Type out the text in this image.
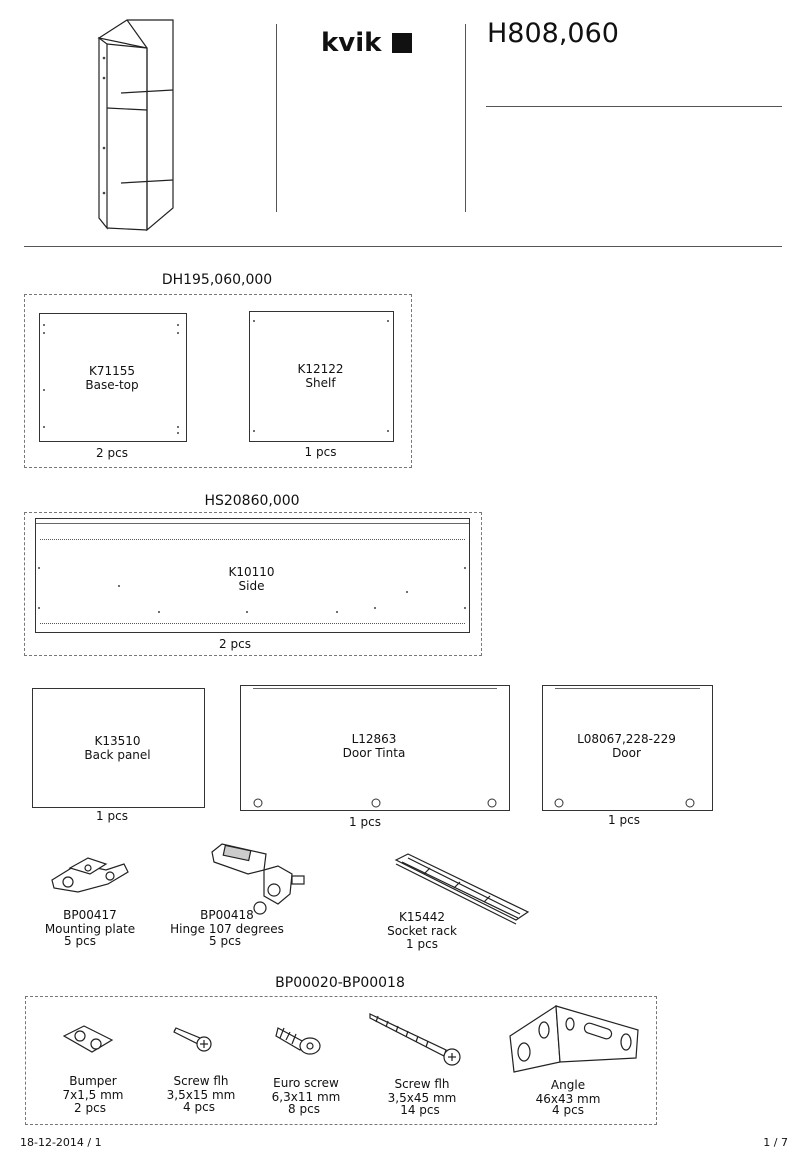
kvik	H808,060
DH195,060,000
K71155
Base-top
2 pcs
K12122
Shelf
1 pcs
HS20860,000
K10110
Side
2 pcs
K13510
Back panel
1 pcs
L12863
Door Tinta
1 pcs
L08067,228-229
Door
1 pcs
BP00417
Mounting plate
5 pcs
BP00418
Hinge 107 degrees
5 pcs
K15442
Socket rack
1 pcs
BP00020-BP00018
Bumper
7x1,5 mm
2 pcs
Screw flh
3,5x15 mm
4 pcs
Euro screw
6,3x11 mm
8 pcs
Screw flh
3,5x45 mm
14 pcs
Angle
46x43 mm
4 pcs
18-12-2014 / 1	1 / 7
